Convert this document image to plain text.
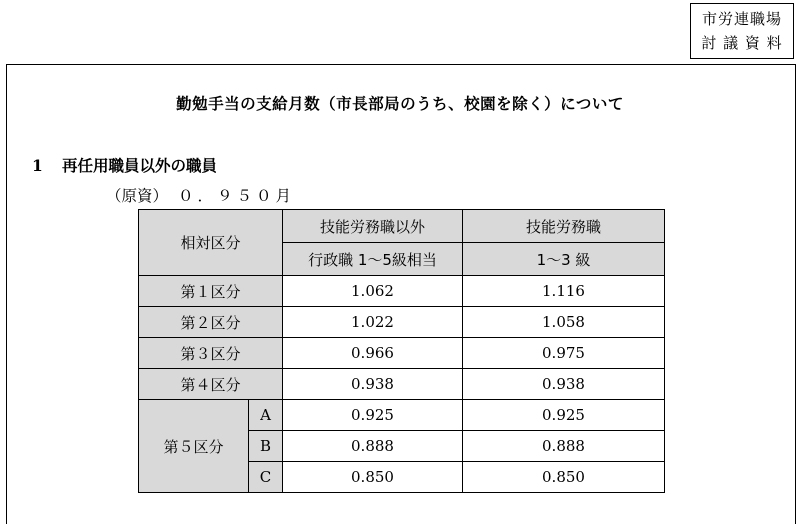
市労連職場
討 議 資 料
勤勉手当の支給月数（市長部局のうち、校園を除く）について
1 再任用職員以外の職員
（原資） ０．９５０月
相対区分		技能労務職以外	技能労務職
		行政職 1〜5級相当	1〜3 級
第１区分		1.062	1.116
第２区分		1.022	1.058
第３区分		0.966	0.975
第４区分		0.938	0.938
第５区分	A	0.925	0.925
	B	0.888	0.888
	C	0.850	0.850
